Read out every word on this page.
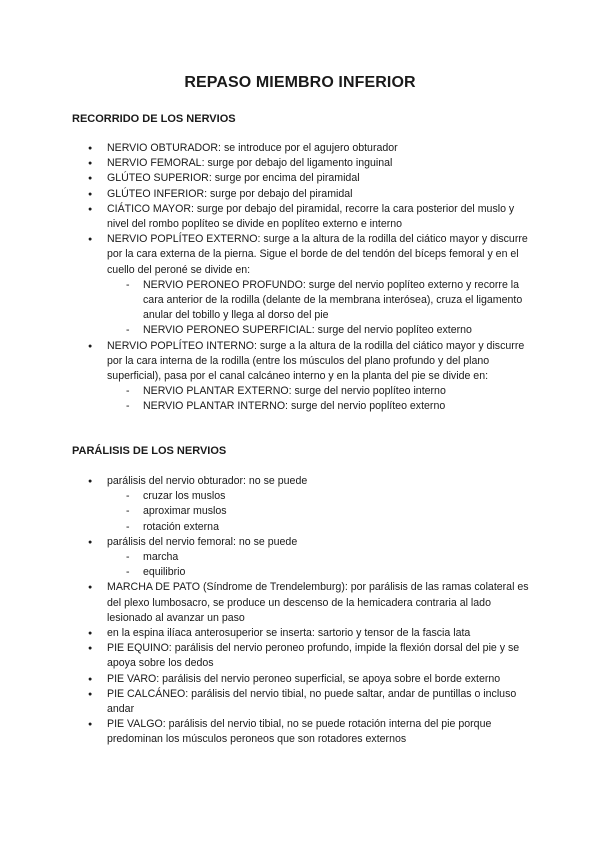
REPASO MIEMBRO INFERIOR
RECORRIDO DE LOS NERVIOS
● NERVIO OBTURADOR: se introduce por el agujero obturador
● NERVIO FEMORAL: surge por debajo del ligamento inguinal
● GLÚTEO SUPERIOR: surge por encima del piramidal
● GLÚTEO INFERIOR: surge por debajo del piramidal
● CIÁTICO MAYOR: surge por debajo del piramidal, recorre la cara posterior del muslo y nivel del rombo poplíteo se divide en poplíteo externo e interno
● NERVIO POPLÍTEO EXTERNO: surge a la altura de la rodilla del ciático mayor y discurre por la cara externa de la pierna. Sigue el borde de del tendón del bíceps femoral y en el cuello del peroné se divide en:
- NERVIO PERONEO PROFUNDO: surge del nervio poplíteo externo y recorre la cara anterior de la rodilla (delante de la membrana interósea), cruza el ligamento anular del tobillo y llega al dorso del pie
- NERVIO PERONEO SUPERFICIAL: surge del nervio poplíteo externo
● NERVIO POPLÍTEO INTERNO: surge a la altura de la rodilla del ciático mayor y discurre por la cara interna de la rodilla (entre los músculos del plano profundo y del plano superficial), pasa por el canal calcáneo interno y en la planta del pie se divide en:
- NERVIO PLANTAR EXTERNO: surge del nervio poplíteo interno
- NERVIO PLANTAR INTERNO: surge del nervio poplíteo externo
PARÁLISIS DE LOS NERVIOS
● parálisis del nervio obturador: no se puede
- cruzar los muslos
- aproximar muslos
- rotación externa
● parálisis del nervio femoral: no se puede
- marcha
- equilibrio
● MARCHA DE PATO (Síndrome de Trendelemburg): por parálisis de las ramas colateral es del plexo lumbosacro, se produce un descenso de la hemicadera contraria al lado lesionado al avanzar un paso
● en la espina ilíaca anterosuperior se inserta: sartorio y tensor de la fascia lata
● PIE EQUINO: parálisis del nervio peroneo profundo, impide la flexión dorsal del pie y se apoya sobre los dedos
● PIE VARO: parálisis del nervio peroneo superficial, se apoya sobre el borde externo
● PIE CALCÁNEO: parálisis del nervio tibial, no puede saltar, andar de puntillas o incluso andar
● PIE VALGO: parálisis del nervio tibial, no se puede rotación interna del pie porque predominan los músculos peroneos que son rotadores externos
